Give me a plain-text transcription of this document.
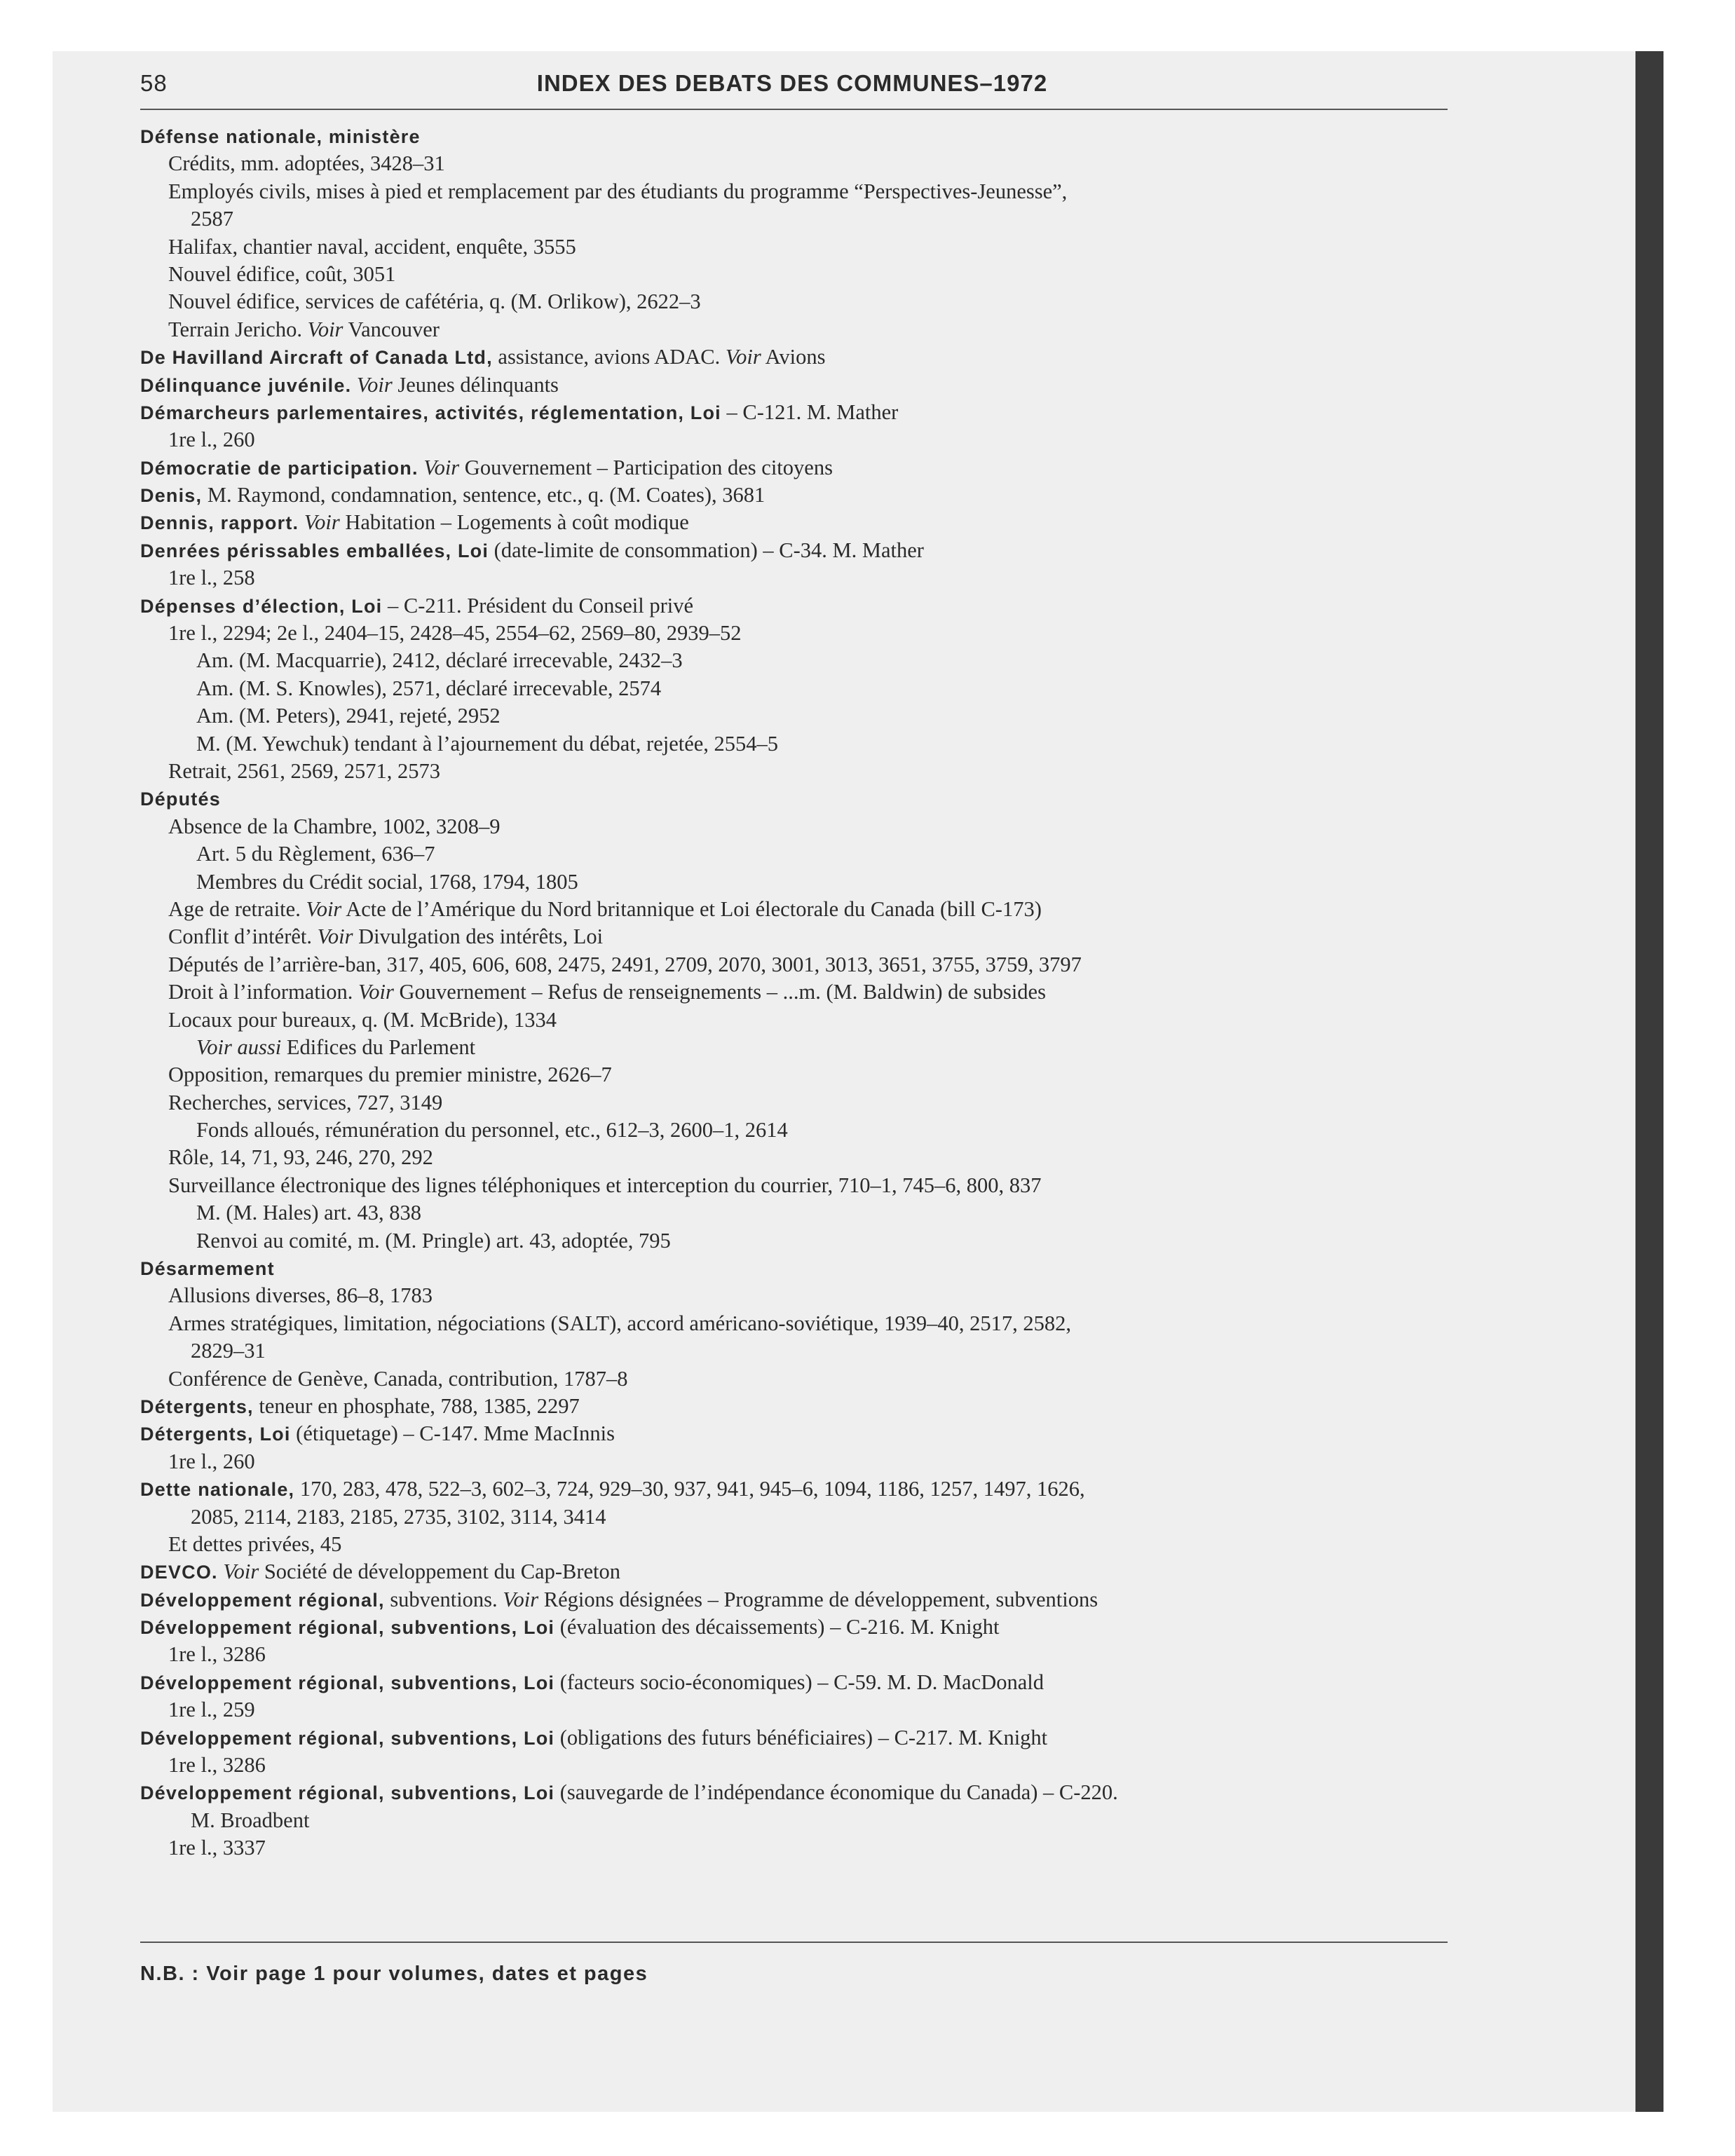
58	INDEX DES DEBATS DES COMMUNES–1972
Défense nationale, ministère
Crédits, mm. adoptées, 3428–31
Employés civils, mises à pied et remplacement par des étudiants du programme “Perspectives-Jeunesse”,
2587
Halifax, chantier naval, accident, enquête, 3555
Nouvel édifice, coût, 3051
Nouvel édifice, services de cafétéria, q. (M. Orlikow), 2622–3
Terrain Jericho. Voir Vancouver
De Havilland Aircraft of Canada Ltd, assistance, avions ADAC. Voir Avions
Délinquance juvénile. Voir Jeunes délinquants
Démarcheurs parlementaires, activités, réglementation, Loi – C-121. M. Mather
1re l., 260
Démocratie de participation. Voir Gouvernement – Participation des citoyens
Denis, M. Raymond, condamnation, sentence, etc., q. (M. Coates), 3681
Dennis, rapport. Voir Habitation – Logements à coût modique
Denrées périssables emballées, Loi (date-limite de consommation) – C-34. M. Mather
1re l., 258
Dépenses d’élection, Loi – C-211. Président du Conseil privé
1re l., 2294; 2e l., 2404–15, 2428–45, 2554–62, 2569–80, 2939–52
Am. (M. Macquarrie), 2412, déclaré irrecevable, 2432–3
Am. (M. S. Knowles), 2571, déclaré irrecevable, 2574
Am. (M. Peters), 2941, rejeté, 2952
M. (M. Yewchuk) tendant à l’ajournement du débat, rejetée, 2554–5
Retrait, 2561, 2569, 2571, 2573
Députés
Absence de la Chambre, 1002, 3208–9
Art. 5 du Règlement, 636–7
Membres du Crédit social, 1768, 1794, 1805
Age de retraite. Voir Acte de l’Amérique du Nord britannique et Loi électorale du Canada (bill C-173)
Conflit d’intérêt. Voir Divulgation des intérêts, Loi
Députés de l’arrière-ban, 317, 405, 606, 608, 2475, 2491, 2709, 2070, 3001, 3013, 3651, 3755, 3759, 3797
Droit à l’information. Voir Gouvernement – Refus de renseignements – ...m. (M. Baldwin) de subsides
Locaux pour bureaux, q. (M. McBride), 1334
Voir aussi Edifices du Parlement
Opposition, remarques du premier ministre, 2626–7
Recherches, services, 727, 3149
Fonds alloués, rémunération du personnel, etc., 612–3, 2600–1, 2614
Rôle, 14, 71, 93, 246, 270, 292
Surveillance électronique des lignes téléphoniques et interception du courrier, 710–1, 745–6, 800, 837
M. (M. Hales) art. 43, 838
Renvoi au comité, m. (M. Pringle) art. 43, adoptée, 795
Désarmement
Allusions diverses, 86–8, 1783
Armes stratégiques, limitation, négociations (SALT), accord américano-soviétique, 1939–40, 2517, 2582,
2829–31
Conférence de Genève, Canada, contribution, 1787–8
Détergents, teneur en phosphate, 788, 1385, 2297
Détergents, Loi (étiquetage) – C-147. Mme MacInnis
1re l., 260
Dette nationale, 170, 283, 478, 522–3, 602–3, 724, 929–30, 937, 941, 945–6, 1094, 1186, 1257, 1497, 1626,
2085, 2114, 2183, 2185, 2735, 3102, 3114, 3414
Et dettes privées, 45
DEVCO. Voir Société de développement du Cap-Breton
Développement régional, subventions. Voir Régions désignées – Programme de développement, subventions
Développement régional, subventions, Loi (évaluation des décaissements) – C-216. M. Knight
1re l., 3286
Développement régional, subventions, Loi (facteurs socio-économiques) – C-59. M. D. MacDonald
1re l., 259
Développement régional, subventions, Loi (obligations des futurs bénéficiaires) – C-217. M. Knight
1re l., 3286
Développement régional, subventions, Loi (sauvegarde de l’indépendance économique du Canada) – C-220.
M. Broadbent
1re l., 3337
N.B. : Voir page 1 pour volumes, dates et pages
